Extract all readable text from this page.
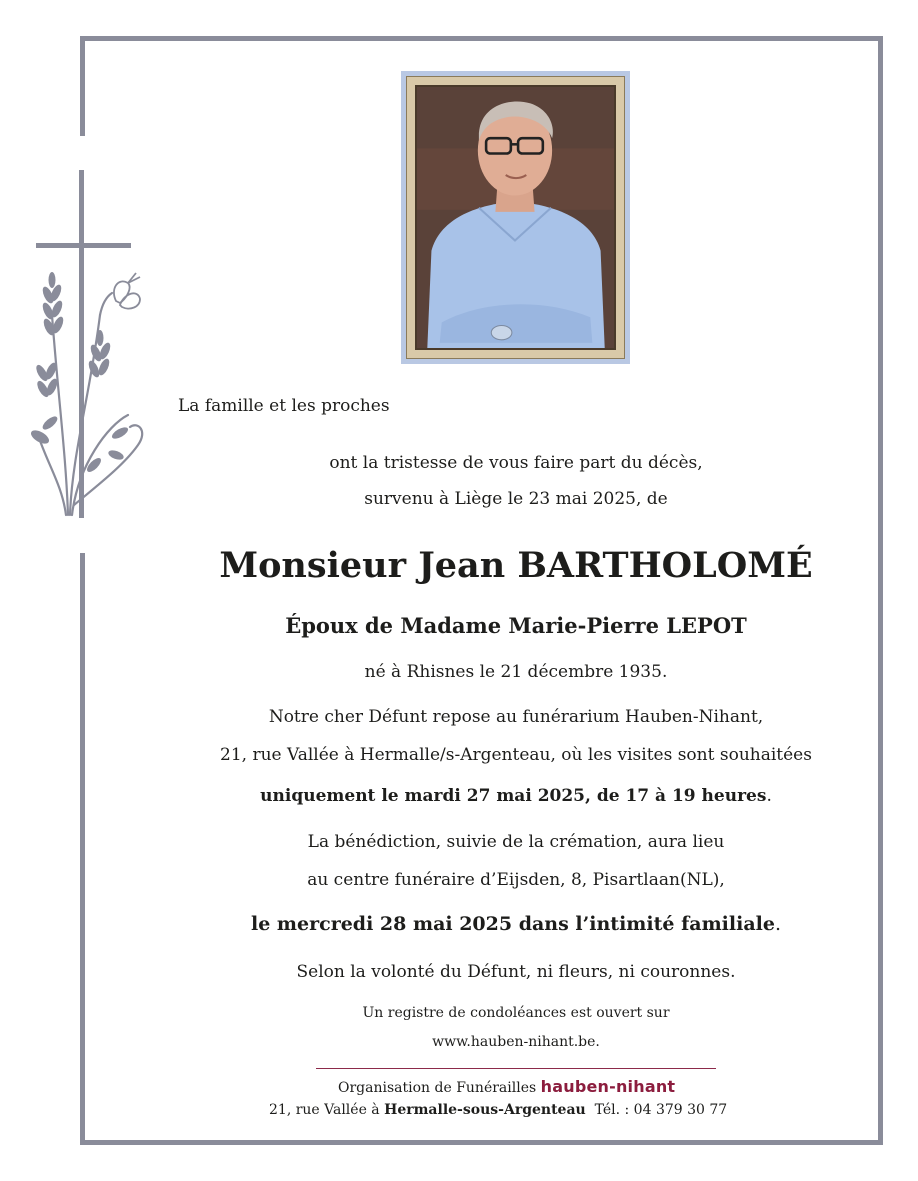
La famille et les proches
ont la tristesse de vous faire part du décès,
survenu à Liège le 23 mai 2025, de
Monsieur Jean BARTHOLOMÉ
Époux de Madame Marie-Pierre LEPOT
né à Rhisnes le 21 décembre 1935.
Notre cher Défunt repose au funérarium Hauben-Nihant,
21, rue Vallée à Hermalle/s-Argenteau, où les visites sont souhaitées
uniquement le mardi 27 mai 2025, de 17 à 19 heures.
La bénédiction, suivie de la crémation, aura lieu
au centre funéraire d’Eijsden, 8, Pisartlaan(NL),
le mercredi 28 mai 2025 dans l’intimité familiale.
Selon la volonté du Défunt, ni fleurs, ni couronnes.
Un registre de condoléances est ouvert sur
www.hauben-nihant.be.
Organisation de Funérailles hauben-nihant
21, rue Vallée à Hermalle-sous-Argenteau Tél. : 04 379 30 77
